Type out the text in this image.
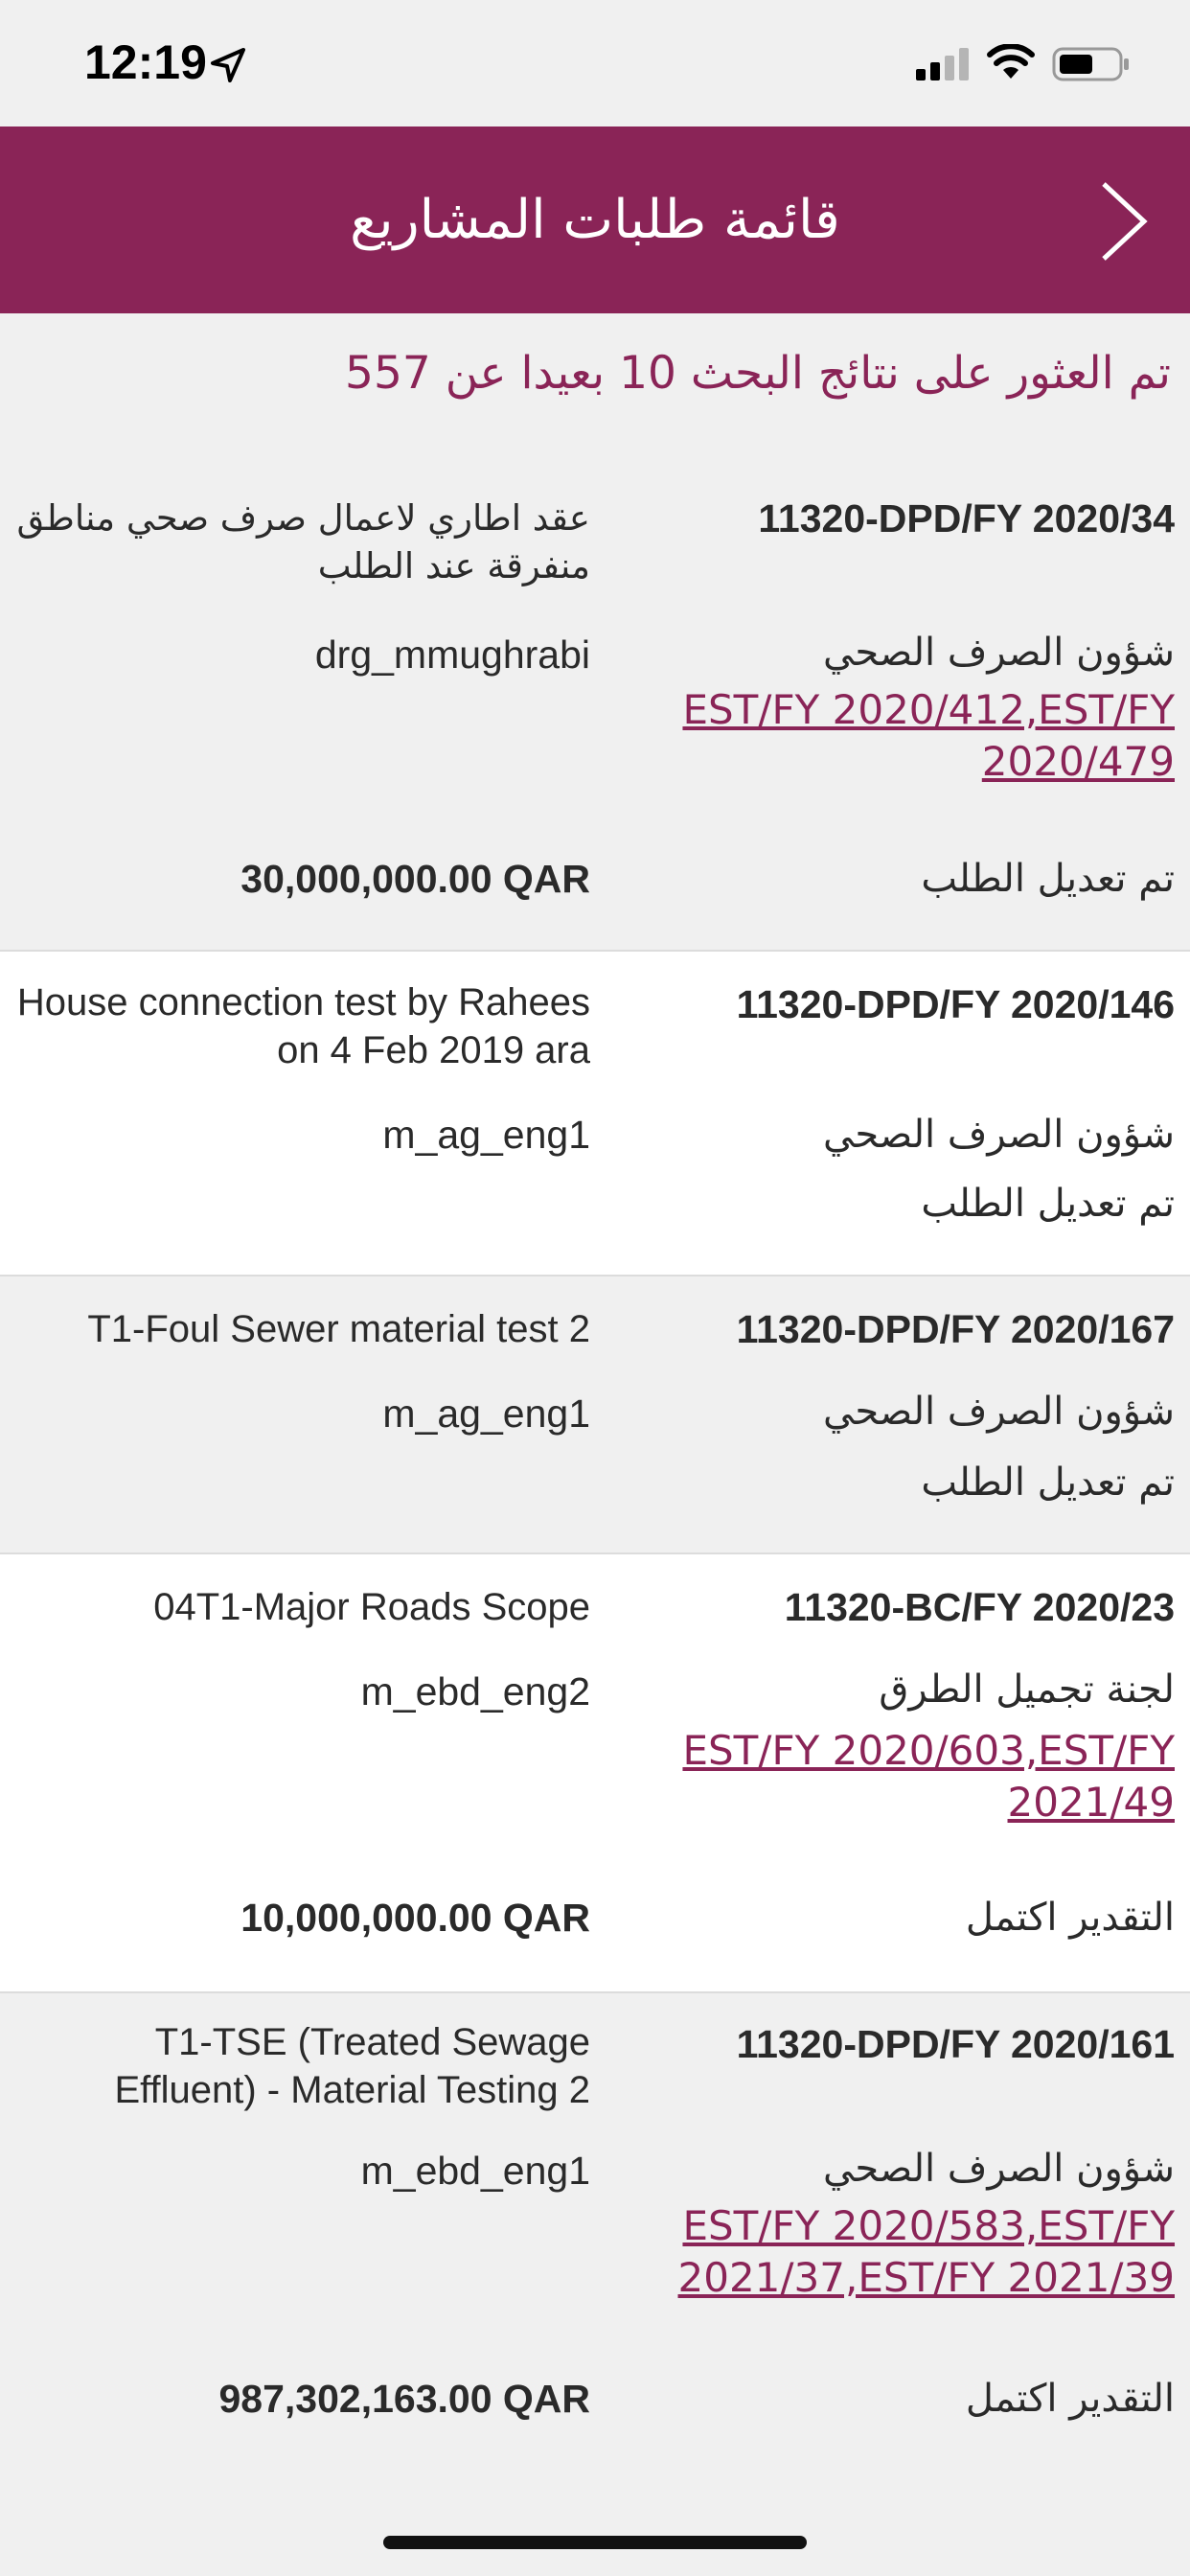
12:19
قائمة طلبات المشاريع
تم العثور على نتائج البحث 10 بعيدا عن 557
11320-DPD/FY 2020/34
عقد اطاري لاعمال صرف صحي مناطق منفرقة عند الطلب
شؤون الصرف الصحي
drg_mmughrabi
EST/FY 2020/412,EST/FY 2020/479
تم تعديل الطلب
30,000,000.00 QAR
11320-DPD/FY 2020/146
House connection test by Rahees on 4 Feb 2019 ara
شؤون الصرف الصحي
m_ag_eng1
تم تعديل الطلب
11320-DPD/FY 2020/167
T1-Foul Sewer material test 2
شؤون الصرف الصحي
m_ag_eng1
تم تعديل الطلب
11320-BC/FY 2020/23
04T1-Major Roads Scope
لجنة تجميل الطرق
m_ebd_eng2
EST/FY 2020/603,EST/FY 2021/49
التقدير اكتمل
10,000,000.00 QAR
11320-DPD/FY 2020/161
T1-TSE (Treated Sewage Effluent) - Material Testing 2
شؤون الصرف الصحي
m_ebd_eng1
EST/FY 2020/583,EST/FY 2021/37,EST/FY 2021/39
التقدير اكتمل
987,302,163.00 QAR
